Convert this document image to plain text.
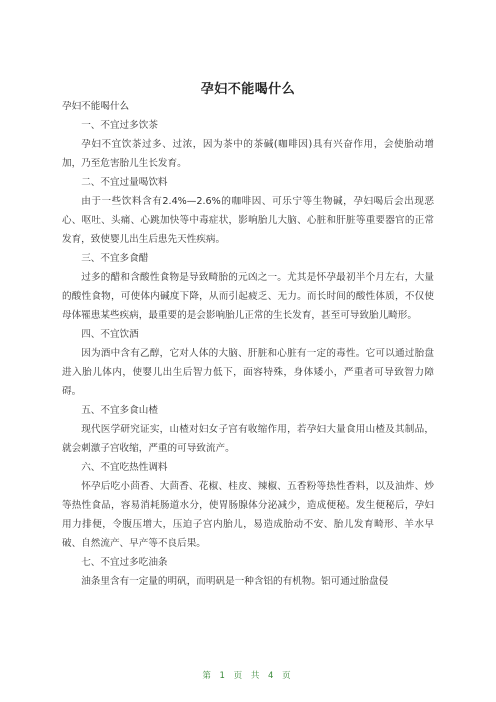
孕妇不能喝什么

孕妇不能喝什么

一、不宜过多饮茶

孕妇不宜饮茶过多、过浓，因为茶中的茶碱(咖啡因)具有兴奋作用，会使胎动增加，乃至危害胎儿生长发育。

二、不宜过量喝饮料

由于一些饮料含有2.4%—2.6%的咖啡因、可乐宁等生物碱，孕妇喝后会出现恶心、呕吐、头痛、心跳加快等中毒症状，影响胎儿大脑、心脏和肝脏等重要器官的正常发育，致使婴儿出生后患先天性疾病。

三、不宜多食醋

过多的醋和含酸性食物是导致畸胎的元凶之一。尤其是怀孕最初半个月左右，大量的酸性食物，可使体内碱度下降，从而引起疲乏、无力。而长时间的酸性体质，不仅使母体罹患某些疾病，最重要的是会影响胎儿正常的生长发育，甚至可导致胎儿畸形。

四、不宜饮酒

因为酒中含有乙醇，它对人体的大脑、肝脏和心脏有一定的毒性。它可以通过胎盘进入胎儿体内，使婴儿出生后智力低下，面容特殊，身体矮小，严重者可导致智力障碍。

五、不宜多食山楂

现代医学研究证实，山楂对妇女子宫有收缩作用，若孕妇大量食用山楂及其制品，就会刺激子宫收缩，严重的可导致流产。

六、不宜吃热性调料

怀孕后吃小茴香、大茴香、花椒、桂皮、辣椒、五香粉等热性香料，以及油炸、炒等热性食品，容易消耗肠道水分，使胃肠腺体分泌减少，造成便秘。发生便秘后，孕妇用力排便，令腹压增大，压迫子宫内胎儿，易造成胎动不安、胎儿发育畸形、羊水早破、自然流产、早产等不良后果。

七、不宜过多吃油条

油条里含有一定量的明矾，而明矾是一种含铝的有机物。铝可通过胎盘侵

第 1 页 共 4 页
